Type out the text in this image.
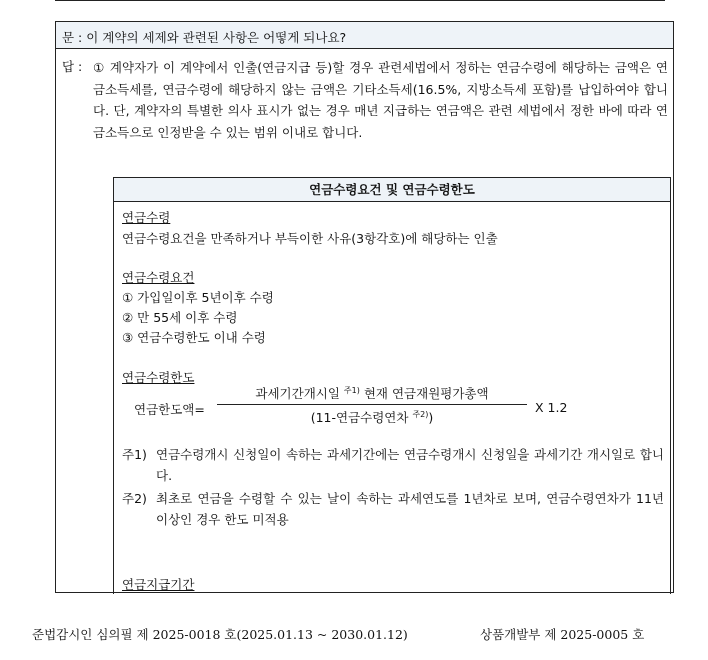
문 : 이 계약의 세제와 관련된 사항은 어떻게 되나요?
답 : ① 계약자가 이 계약에서 인출(연금지급 등)할 경우 관련세법에서 정하는 연금수령에 해당하는 금액은 연금소득세를, 연금수령에 해당하지 않는 금액은 기타소득세(16.5%, 지방소득세 포함)를 납입하여야 합니다. 단, 계약자의 특별한 의사 표시가 없는 경우 매년 지급하는 연금액은 관련 세법에서 정한 바에 따라 연금소득으로 인정받을 수 있는 범위 이내로 합니다.
연금수령요건 및 연금수령한도
연금수령
연금수령요건을 만족하거나 부득이한 사유(3항각호)에 해당하는 인출
연금수령요건
① 가입일이후 5년이후 수령
② 만 55세 이후 수령
③ 연금수령한도 이내 수령
연금수령한도
연금한도액=
과세기간개시일 $^{주1)}$ 현재 연금재원평가총액
(11-연금수령연차 $^{주2)}$)
X 1.2
주1) 연금수령개시 신청일이 속하는 과세기간에는 연금수령개시 신청일을 과세기간 개시일로 합니다.
주2) 최초로 연금을 수령할 수 있는 날이 속하는 과세연도를 1년차로 보며, 연금수령연차가 11년 이상인 경우 한도 미적용
연금지급기간
준법감시인 심의필 제 2025-0018 호(2025.01.13 ~ 2030.01.12)	상품개발부 제 2025-0005 호
